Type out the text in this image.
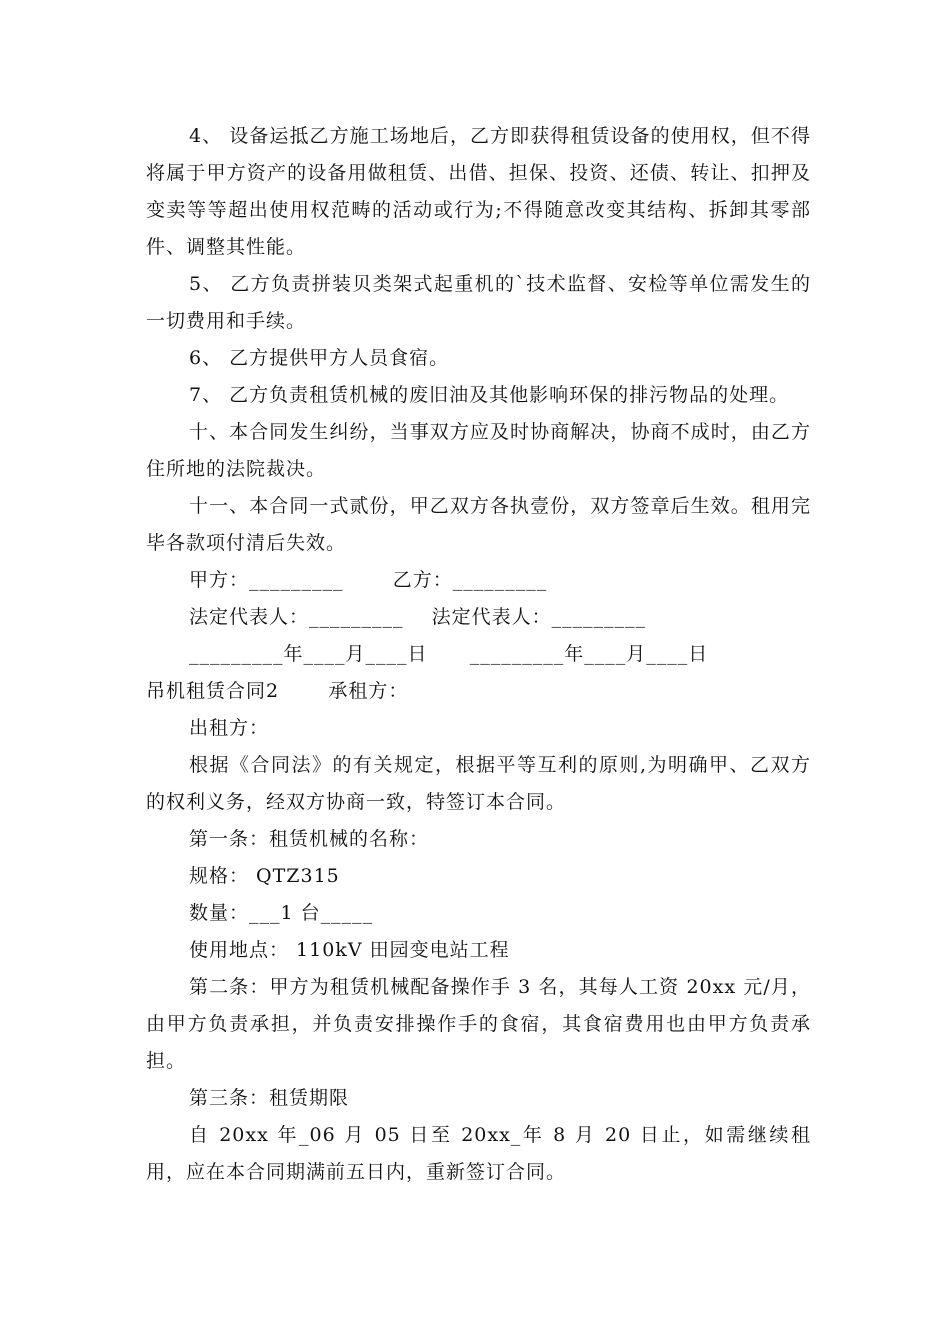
4、 设备运抵乙方施工场地后，乙方即获得租赁设备的使用权，但不得将属于甲方资产的设备用做租赁、出借、担保、投资、还债、转让、扣押及变卖等等超出使用权范畴的活动或行为;不得随意改变其结构、拆卸其零部件、调整其性能。

5、 乙方负责拼装贝类架式起重机的`技术监督、安检等单位需发生的一切费用和手续。

6、 乙方提供甲方人员食宿。

7、 乙方负责租赁机械的废旧油及其他影响环保的排污物品的处理。

十、本合同发生纠纷，当事双方应及时协商解决，协商不成时，由乙方住所地的法院裁决。

十一、本合同一式贰份，甲乙双方各执壹份，双方签章后生效。租用完毕各款项付清后失效。

甲方：_________       乙方：_________
法定代表人：_________    法定代表人：_________
_________年____月____日      _________年____月____日
吊机租赁合同2       承租方：
出租方：

根据《合同法》的有关规定，根据平等互利的原则,为明确甲、乙双方的权利义务，经双方协商一致，特签订本合同。

第一条：租赁机械的名称：
规格： QTZ315
数量：___1 台_____
使用地点： 110kV 田园变电站工程

第二条：甲方为租赁机械配备操作手 3 名，其每人工资 20xx 元/月，由甲方负责承担，并负责安排操作手的食宿，其食宿费用也由甲方负责承担。

第三条：租赁期限

自 20xx 年_06 月 05 日至 20xx_年 8 月 20 日止，如需继续租用，应在本合同期满前五日内，重新签订合同。
